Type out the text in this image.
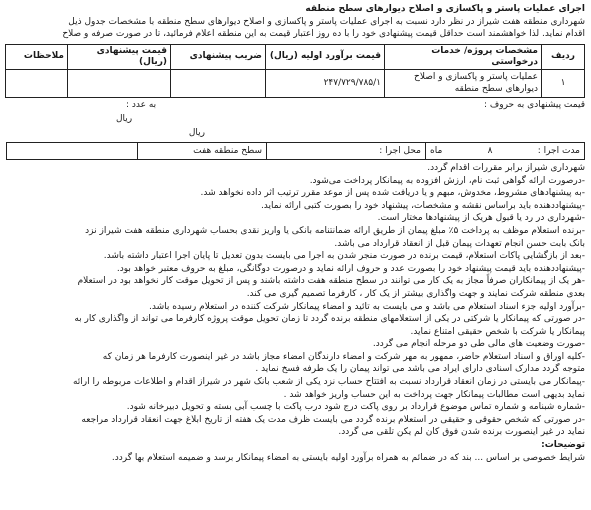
اجرای عملیات پاستر و پاکسازی و اصلاح دیوارهای سطح منطقه

شهرداری منطقه هفت شیراز در نظر دارد نسبت به اجرای عملیات پاستر و پاکسازی و اصلاح دیوارهای سطح منطقه با مشخصات جدول ذیل

اقدام نماید. لذا خواهشمند است حداقل قیمت پیشنهادی خود را با ده روز اعتبار قیمت به این منطقه اعلام فرمائید، تا در صورت صرفه و صلاح

ردیف	مشخصات پروژه/ خدمات درخواستی	قیمت برآورد اولیه (ریال)	ضریب پیشنهادی	قیمت پیشنهادی (ریال)	ملاحظات
۱	عملیات پاستر و پاکسازی و اصلاح دیوارهای سطح منطقه	۲۴۷/۷۲۹/۷۸۵/۱			
قیمت پیشنهادی به حروف :
به عدد :
ریال
ریال
مدت اجرا :
۸
ماه
محل اجرا :
سطح منطقه هفت

شهرداری شیراز برابر مقررات اقدام گردد.

-درصورت ارائه گواهی ثبت نام، ارزش افزوده به پیمانکار پرداخت می‌شود.

-به پیشنهادهای مشروط، مخدوش، مبهم و یا دریافت شده پس از موعد مقرر ترتیب اثر داده نخواهد شد.

-پیشنهاددهنده باید براساس نقشه و مشخصات، پیشنهاد خود را بصورت کتبی ارائه نماید.

-شهرداری در رد یا قبول هریک از پیشنهادها مختار است.

-برنده استعلام موظف به پرداخت ۵٪ مبلغ پیمان از طریق ارائه ضمانتنامه بانکی یا واریز نقدی بحساب شهرداری منطقه هفت شیراز نزد

بانک بابت حسن انجام تعهدات پیمان قبل از انعقاد قرارداد می باشد.

-بعد از بازگشایی پاکات استعلام، قیمت برنده در صورت منجر شدن به اجرا می بایست بدون تعدیل تا پایان اجرا اعتبار داشته باشد.

-پیشنهاددهنده باید قیمت پیشنهاد خود را بصورت عدد و حروف ارائه نماید و درصورت دوگانگی، مبلغ به حروف معتبر خواهد بود.

-هر یک از پیمانکاران صرفاً مجاز به یک کار می توانند در سطح منطقه هفت داشته باشند و پس از تحویل موقت کار نخواهد بود در استعلام

بعدی منطقه شرکت نمایند و جهت واگذاری بیشتر از یک کار ، کارفرما تصمیم گیری می کند.

-برآورد اولیه جزء اسناد استعلام می باشد و می بایست به تائید و امضاء پیمانکار شرکت کننده در استعلام رسیده باشد.

-در صورتی که پیمانکار یا شرکتی در یکی از استعلامهای منطقه برنده گردد تا زمان تحویل موقت پروژه کارفرما می تواند از واگذاری کار به

پیمانکار یا شرکت با شخص حقیقی امتناع نماید.

-صورت وضعیت های مالی طی دو مرحله انجام می گردد.

-کلیه اوراق و اسناد استعلام حاضر، ممهور به مهر شرکت و امضاء دارندگان امضاء مجاز باشد در غیر اینصورت کارفرما هر زمان که

متوجه گردد مدارک اسنادی دارای ایراد می باشد می تواند پیمان را یک طرفه فسخ نماید .

-پیمانکار می بایستی در زمان انعقاد قرارداد نسبت به افتتاح حساب نزد یکی از شعب بانک شهر در شیراز اقدام و اطلاعات مربوطه را ارائه

نماید بدیهی است مطالبات پیمانکار جهت پرداخت به این حساب واریز خواهد شد .

-شماره شبنامه و شماره تماس موضوع قرارداد بر روی پاکت درج شود درب پاکت با چسب آبی بسته و تحویل دبیرخانه شود.

-در صورتی که شخص حقوقی و حقیقی در استعلام برنده گردد می بایست ظرف مدت یک هفته از تاریخ ابلاغ جهت انعقاد قرارداد مراجعه

نماید در غیر اینصورت برنده شدن فوق کان لم یکن تلقی می گردد.

توضیحات:

شرایط خصوصی بر اساس ... بند که در ضمائم به همراه برآورد اولیه بایستی به امضاء پیمانکار برسد و ضمیمه استعلام بها گردد.
